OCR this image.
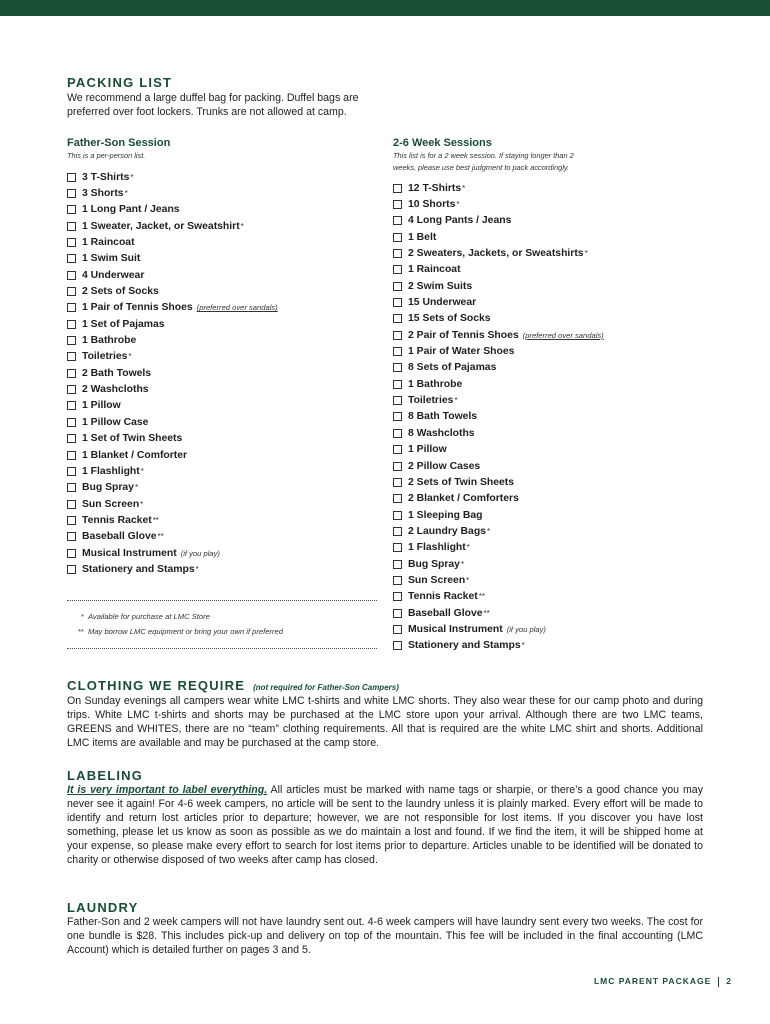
PACKING LIST

We recommend a large duffel bag for packing. Duffel bags are
preferred over foot lockers. Trunks are not allowed at camp.

Father-Son Session

This is a per-person list.

3 T-Shirts *
3 Shorts *
1 Long Pant / Jeans
1 Sweater, Jacket, or Sweatshirt *
1 Raincoat
1 Swim Suit
4 Underwear
2 Sets of Socks
1 Pair of Tennis Shoes (preferred over sandals)
1 Set of Pajamas
1 Bathrobe
Toiletries *
2 Bath Towels
2 Washcloths
1 Pillow
1 Pillow Case
1 Set of Twin Sheets
1 Blanket / Comforter
1 Flashlight *
Bug Spray *
Sun Screen *
Tennis Racket **
Baseball Glove **
Musical Instrument (if you play)
Stationery and Stamps *

* Available for purchase at LMC Store

** May borrow LMC equipment or bring your own if preferred

2-6 Week Sessions

This list is for a 2 week session. If staying longer than 2
weeks, please use best judgment to pack accordingly.

12 T-Shirts *
10 Shorts *
4 Long Pants / Jeans
1 Belt
2 Sweaters, Jackets, or Sweatshirts *
1 Raincoat
2 Swim Suits
15 Underwear
15 Sets of Socks
2 Pair of Tennis Shoes (preferred over sandals)
1 Pair of Water Shoes
8 Sets of Pajamas
1 Bathrobe
Toiletries *
8 Bath Towels
8 Washcloths
1 Pillow
2 Pillow Cases
2 Sets of Twin Sheets
2 Blanket / Comforters
1 Sleeping Bag
2 Laundry Bags *
1 Flashlight *
Bug Spray *
Sun Screen *
Tennis Racket **
Baseball Glove **
Musical Instrument (if you play)
Stationery and Stamps *
CLOTHING WE REQUIRE (not required for Father-Son Campers)

On Sunday evenings all campers wear white LMC t-shirts and white LMC shorts. They also wear these for our camp photo and during trips. White LMC t-shirts and shorts may be purchased at the LMC store upon your arrival. Although there are two LMC teams, GREENS and WHITES, there are no “team” clothing requirements. All that is required are the white LMC shirt and shorts. Additional LMC items are available and may be purchased at the camp store.

LABELING

It is very important to label everything. All articles must be marked with name tags or sharpie, or there’s a good chance you may never see it again! For 4-6 week campers, no article will be sent to the laundry unless it is plainly marked. Every effort will be made to identify and return lost articles prior to departure; however, we are not responsible for lost items. If you discover you have lost something, please let us know as soon as possible as we do maintain a lost and found. If we find the item, it will be shipped home at your expense, so please make every effort to search for lost items prior to departure. Articles unable to be identified will be donated to charity or otherwise disposed of two weeks after camp has closed.

LAUNDRY

Father-Son and 2 week campers will not have laundry sent out. 4-6 week campers will have laundry sent every two weeks. The cost for one bundle is $28. This includes pick-up and delivery on top of the mountain. This fee will be included in the final accounting (LMC Account) which is detailed further on pages 3 and 5.

LMC PARENT PACKAGE 2
